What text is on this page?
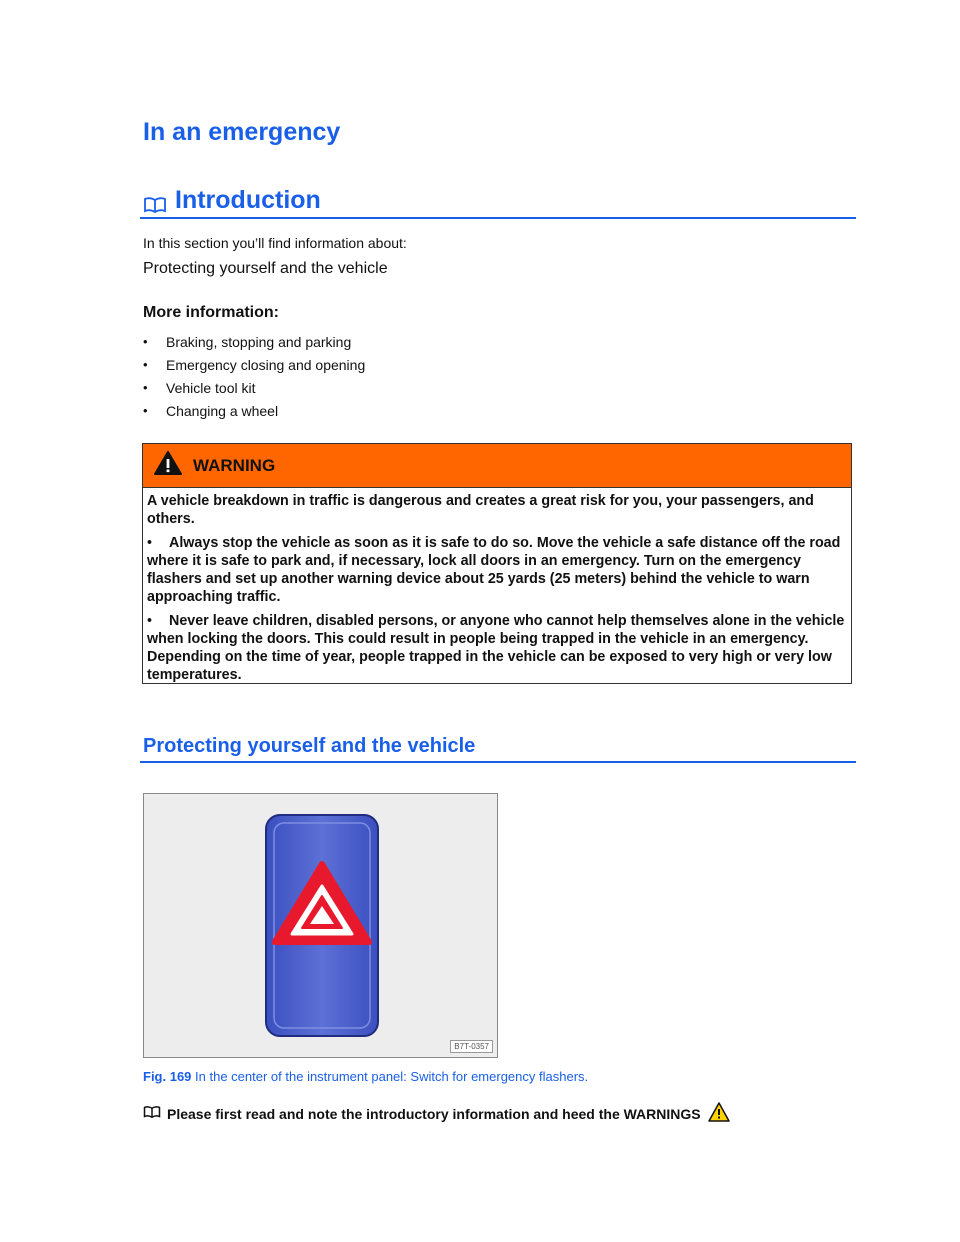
In an emergency
Introduction
In this section you’ll find information about:
Protecting yourself and the vehicle
More information:
•	Braking, stopping and parking
•	Emergency closing and opening
•	Vehicle tool kit
•	Changing a wheel
WARNING

A vehicle breakdown in traffic is dangerous and creates a great risk for you, your passengers, and others.

• Always stop the vehicle as soon as it is safe to do so. Move the vehicle a safe distance off the road where it is safe to park and, if necessary, lock all doors in an emergency. Turn on the emergency flashers and set up another warning device about 25 yards (25 meters) behind the vehicle to warn approaching traffic.

• Never leave children, disabled persons, or anyone who cannot help themselves alone in the vehicle when locking the doors. This could result in people being trapped in the vehicle in an emergency. Depending on the time of year, people trapped in the vehicle can be exposed to very high or very low temperatures.

Protecting yourself and the vehicle
B7T-0357
Fig. 169 In the center of the instrument panel: Switch for emergency flashers.
Please first read and note the introductory information and heed the WARNINGS
